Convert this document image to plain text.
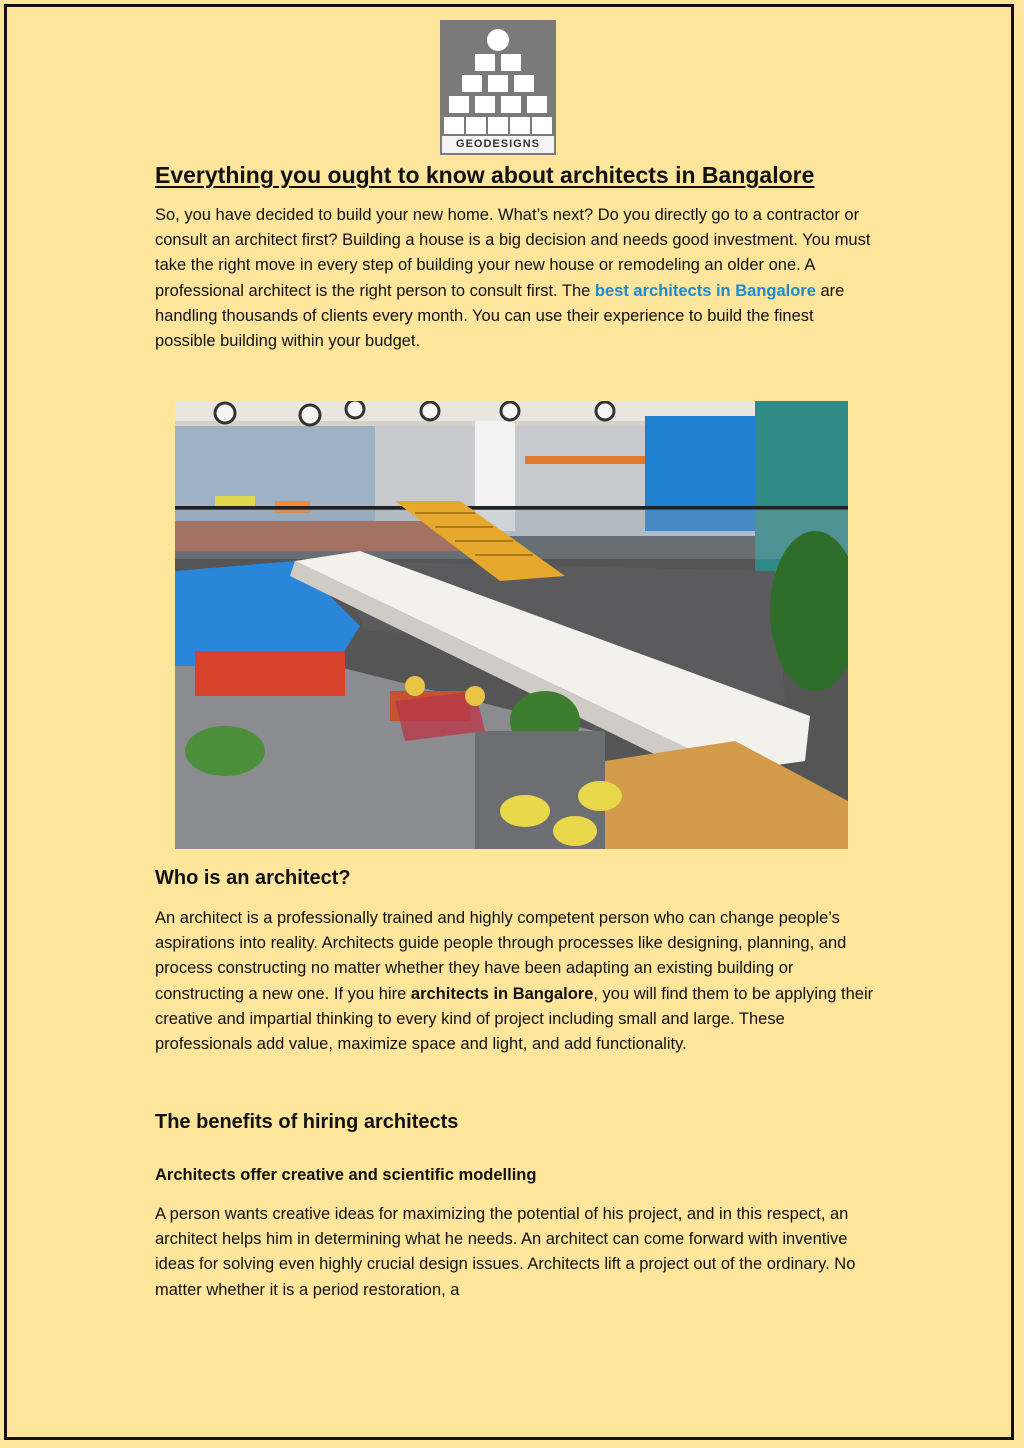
GEODESIGNS
Everything you ought to know about architects in Bangalore

So, you have decided to build your new home. What’s next? Do you directly go to a contractor or consult an architect first? Building a house is a big decision and needs good investment. You must take the right move in every step of building your new house or remodeling an older one. A professional architect is the right person to consult first. The best architects in Bangalore are handling thousands of clients every month. You can use their experience to build the finest possible building within your budget.

Who is an architect?

An architect is a professionally trained and highly competent person who can change people’s aspirations into reality. Architects guide people through processes like designing, planning, and process constructing no matter whether they have been adapting an existing building or constructing a new one. If you hire architects in Bangalore, you will find them to be applying their creative and impartial thinking to every kind of project including small and large. These professionals add value, maximize space and light, and add functionality.

The benefits of hiring architects
Architects offer creative and scientific modelling

A person wants creative ideas for maximizing the potential of his project, and in this respect, an architect helps him in determining what he needs. An architect can come forward with inventive ideas for solving even highly crucial design issues. Architects lift a project out of the ordinary. No matter whether it is a period restoration, a
